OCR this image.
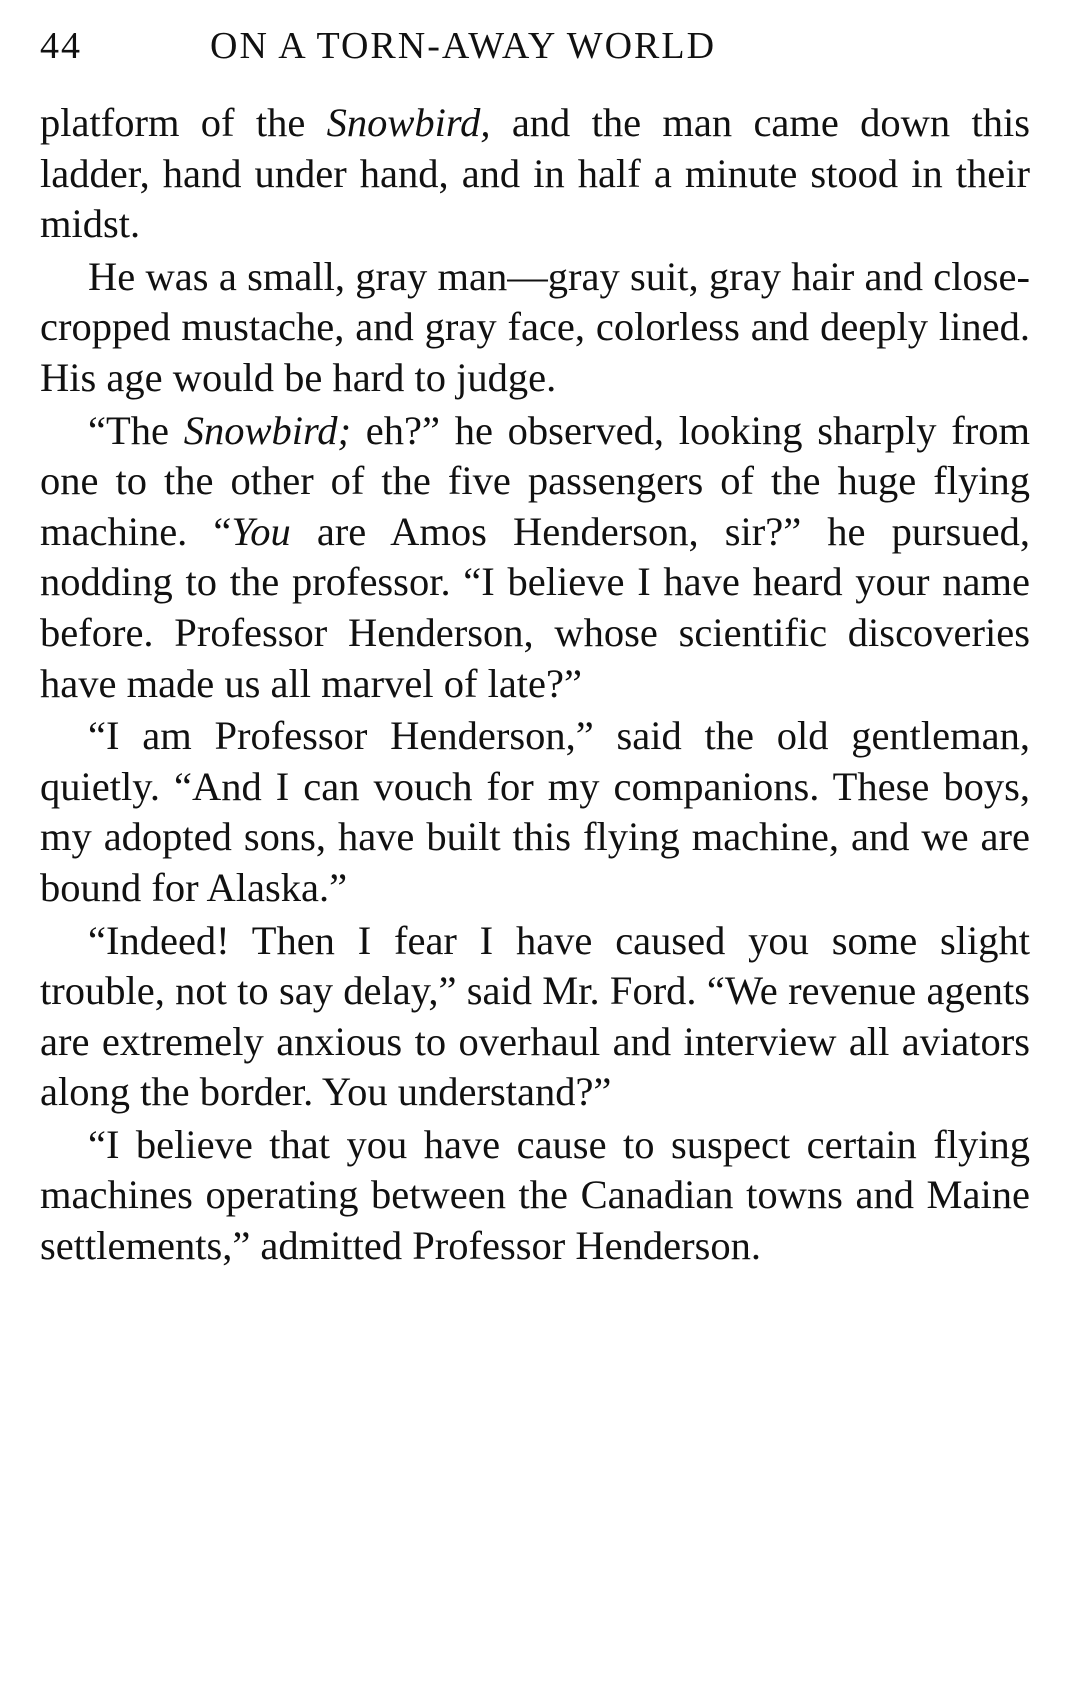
44	ON A TORN-AWAY WORLD

platform of the Snowbird, and the man came down this ladder, hand under hand, and in half a minute stood in their midst.

He was a small, gray man—gray suit, gray hair and close-cropped mustache, and gray face, colorless and deeply lined. His age would be hard to judge.

“The Snowbird; eh?” he observed, looking sharply from one to the other of the five passengers of the huge flying machine. “You are Amos Henderson, sir?” he pursued, nodding to the professor. “I believe I have heard your name before. Professor Henderson, whose scientific discoveries have made us all marvel of late?”

“I am Professor Henderson,” said the old gentleman, quietly. “And I can vouch for my companions. These boys, my adopted sons, have built this flying machine, and we are bound for Alaska.”

“Indeed! Then I fear I have caused you some slight trouble, not to say delay,” said Mr. Ford. “We revenue agents are extremely anxious to overhaul and interview all aviators along the border. You understand?”

“I believe that you have cause to suspect certain flying machines operating between the Canadian towns and Maine settlements,” admitted Professor Henderson.
